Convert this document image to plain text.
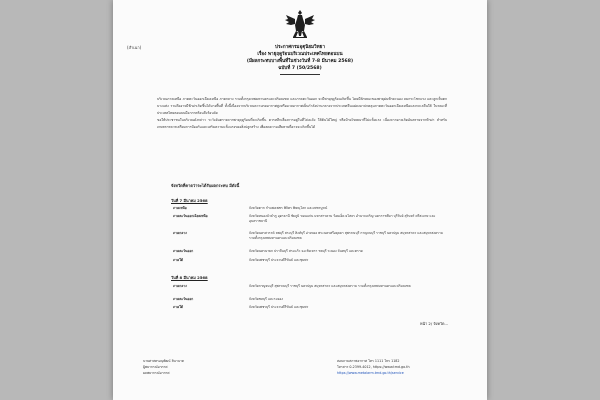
(สำเนา)	ประกาศกรมอุตุนิยมวิทยา
เรื่อง พายุฤดูร้อนบริเวณประเทศไทยตอนบน
(มีผลกระทบบางพื้นที่ในช่วงวันที่ 7-8 มีนาคม 2568)
ฉบับที่ 7 (50/2568)

บริเวณภาคเหนือ ภาคตะวันออกเฉียงเหนือ ภาคกลาง รวมทั้งกรุงเทพมหานครและปริมณฑล และภาคตะวันออก จะมีพายุฤดูร้อนเกิดขึ้น โดยมีลักษณะของพายุฝนฟ้าคะนอง ลมกระโชกแรง และลูกเห็บตกบางแห่ง รวมถึงอาจมีฟ้าผ่าเกิดขึ้นได้บางพื้นที่ ทั้งนี้เนื่องจากบริเวณความกดอากาศสูงหรือมวลอากาศเย็นกำลังปานกลางจากประเทศจีนแผ่ลงมาปกคลุมภาคตะวันออกเฉียงเหนือและทะเลจีนใต้ ในขณะที่ประเทศไทยตอนบนมีอากาศร้อนถึงร้อนจัด

ขอให้ประชาชนในบริเวณดังกล่าว ระวังอันตรายจากพายุฤดูร้อนที่จะเกิดขึ้น ควรหลีกเลี่ยงการอยู่ในที่โล่งแจ้ง ใต้ต้นไม้ใหญ่ หรือป้ายโฆษณาที่ไม่แข็งแรง เนื่องจากอาจเกิดอันตรายจากฟ้าผ่า สำหรับเกษตรกรควรเตรียมการป้องกันและเสริมความแข็งแรงของสิ่งปลูกสร้าง เพื่อลดความเสียหายที่อาจจะเกิดขึ้นได้

จังหวัดที่คาดว่าจะได้รับผลกระทบ มีดังนี้
วันที่ 7 มีนาคม 2568
ภาคเหนือ	จังหวัดตาก กำแพงเพชร พิจิตร พิษณุโลก และเพชรบูรณ์
ภาคตะวันออกเฉียงเหนือ	จังหวัดหนองบัวลำภู อุดรธานี ชัยภูมิ ขอนแก่น มหาสารคาม ร้อยเอ็ด ยโสธร อำนาจเจริญ นครราชสีมา บุรีรัมย์ สุรินทร์ ศรีสะเกษ และอุบลราชธานี
ภาคกลาง	จังหวัดนครสวรรค์ ลพบุรี สระบุรี สิงห์บุรี อ่างทอง พระนครศรีอยุธยา สุพรรณบุรี กาญจนบุรี ราชบุรี นครปฐม สมุทรสาคร และสมุทรสงคราม รวมทั้งกรุงเทพมหานครและปริมณฑล
ภาคตะวันออก	จังหวัดนครนายก ปราจีนบุรี สระแก้ว ฉะเชิงเทรา ชลบุรี ระยอง จันทบุรี และตราด
ภาคใต้	จังหวัดเพชรบุรี ประจวบคีรีขันธ์ และชุมพร
วันที่ 8 มีนาคม 2568
ภาคกลาง	จังหวัดกาญจนบุรี สุพรรณบุรี ราชบุรี นครปฐม สมุทรสาคร และสมุทรสงคราม รวมทั้งกรุงเทพมหานครและปริมณฑล
ภาคตะวันออก	จังหวัดชลบุรี และระยอง
ภาคใต้	จังหวัดเพชรบุรี ประจวบคีรีขันธ์ และชุมพร
หน้า 2/ จังหวัด...
นายศาสตรอนุพัฒน์ สินานาต
ผู้พยากรณ์อากาศ
ผลพยากรณ์อากาศ
สอบถามสภาพอากาศ โทร 1111 โทร 1182
โทรสาร 0-2399-4012, https://www.tmd.go.th
https://www.metalarm.tmd.go.th/service
